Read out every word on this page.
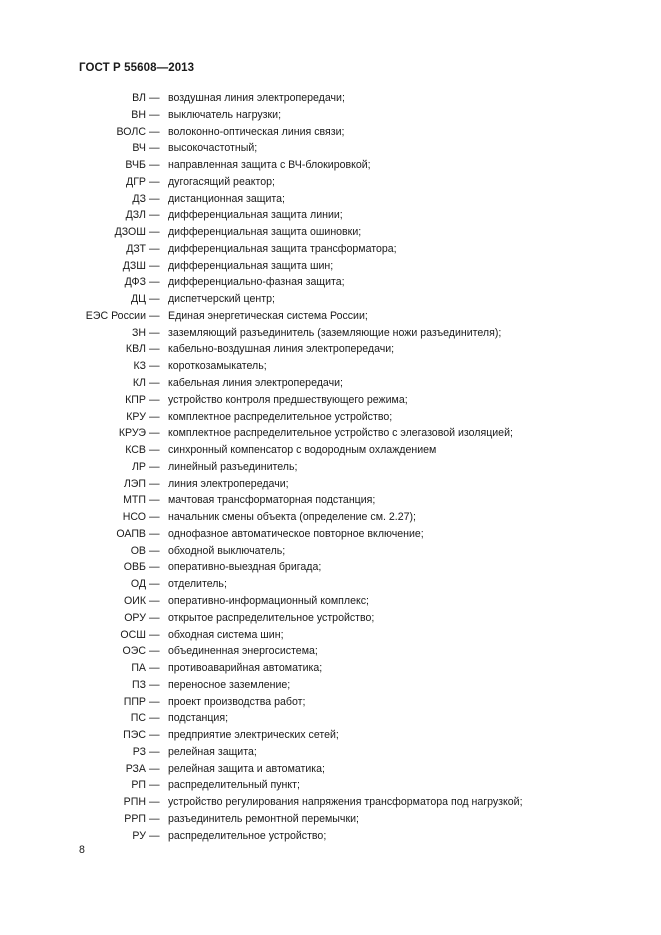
ГОСТ Р 55608—2013
ВЛ — воздушная линия электропередачи;
ВН — выключатель нагрузки;
ВОЛС — волоконно-оптическая линия связи;
ВЧ — высокочастотный;
ВЧБ — направленная защита с ВЧ-блокировкой;
ДГР — дугогасящий реактор;
ДЗ — дистанционная защита;
ДЗЛ — дифференциальная защита линии;
ДЗОШ — дифференциальная защита ошиновки;
ДЗТ — дифференциальная защита трансформатора;
ДЗШ — дифференциальная защита шин;
ДФЗ — дифференциально-фазная защита;
ДЦ — диспетчерский центр;
ЕЭС России — Единая энергетическая система России;
ЗН — заземляющий разъединитель (заземляющие ножи разъединителя);
КВЛ — кабельно-воздушная линия электропередачи;
КЗ — короткозамыкатель;
КЛ — кабельная линия электропередачи;
КПР — устройство контроля предшествующего режима;
КРУ — комплектное распределительное устройство;
КРУЭ — комплектное распределительное устройство с элегазовой изоляцией;
КСВ — синхронный компенсатор с водородным охлаждением
ЛР — линейный разъединитель;
ЛЭП — линия электропередачи;
МТП — мачтовая трансформаторная подстанция;
НСО — начальник смены объекта (определение см. 2.27);
ОАПВ — однофазное автоматическое повторное включение;
ОВ — обходной выключатель;
ОВБ — оперативно-выездная бригада;
ОД — отделитель;
ОИК — оперативно-информационный комплекс;
ОРУ — открытое распределительное устройство;
ОСШ — обходная система шин;
ОЭС — объединенная энергосистема;
ПА — противоаварийная автоматика;
ПЗ — переносное заземление;
ППР — проект производства работ;
ПС — подстанция;
ПЭС — предприятие электрических сетей;
РЗ — релейная защита;
РЗА — релейная защита и автоматика;
РП — распределительный пункт;
РПН — устройство регулирования напряжения трансформатора под нагрузкой;
РРП — разъединитель ремонтной перемычки;
РУ — распределительное устройство;
8
